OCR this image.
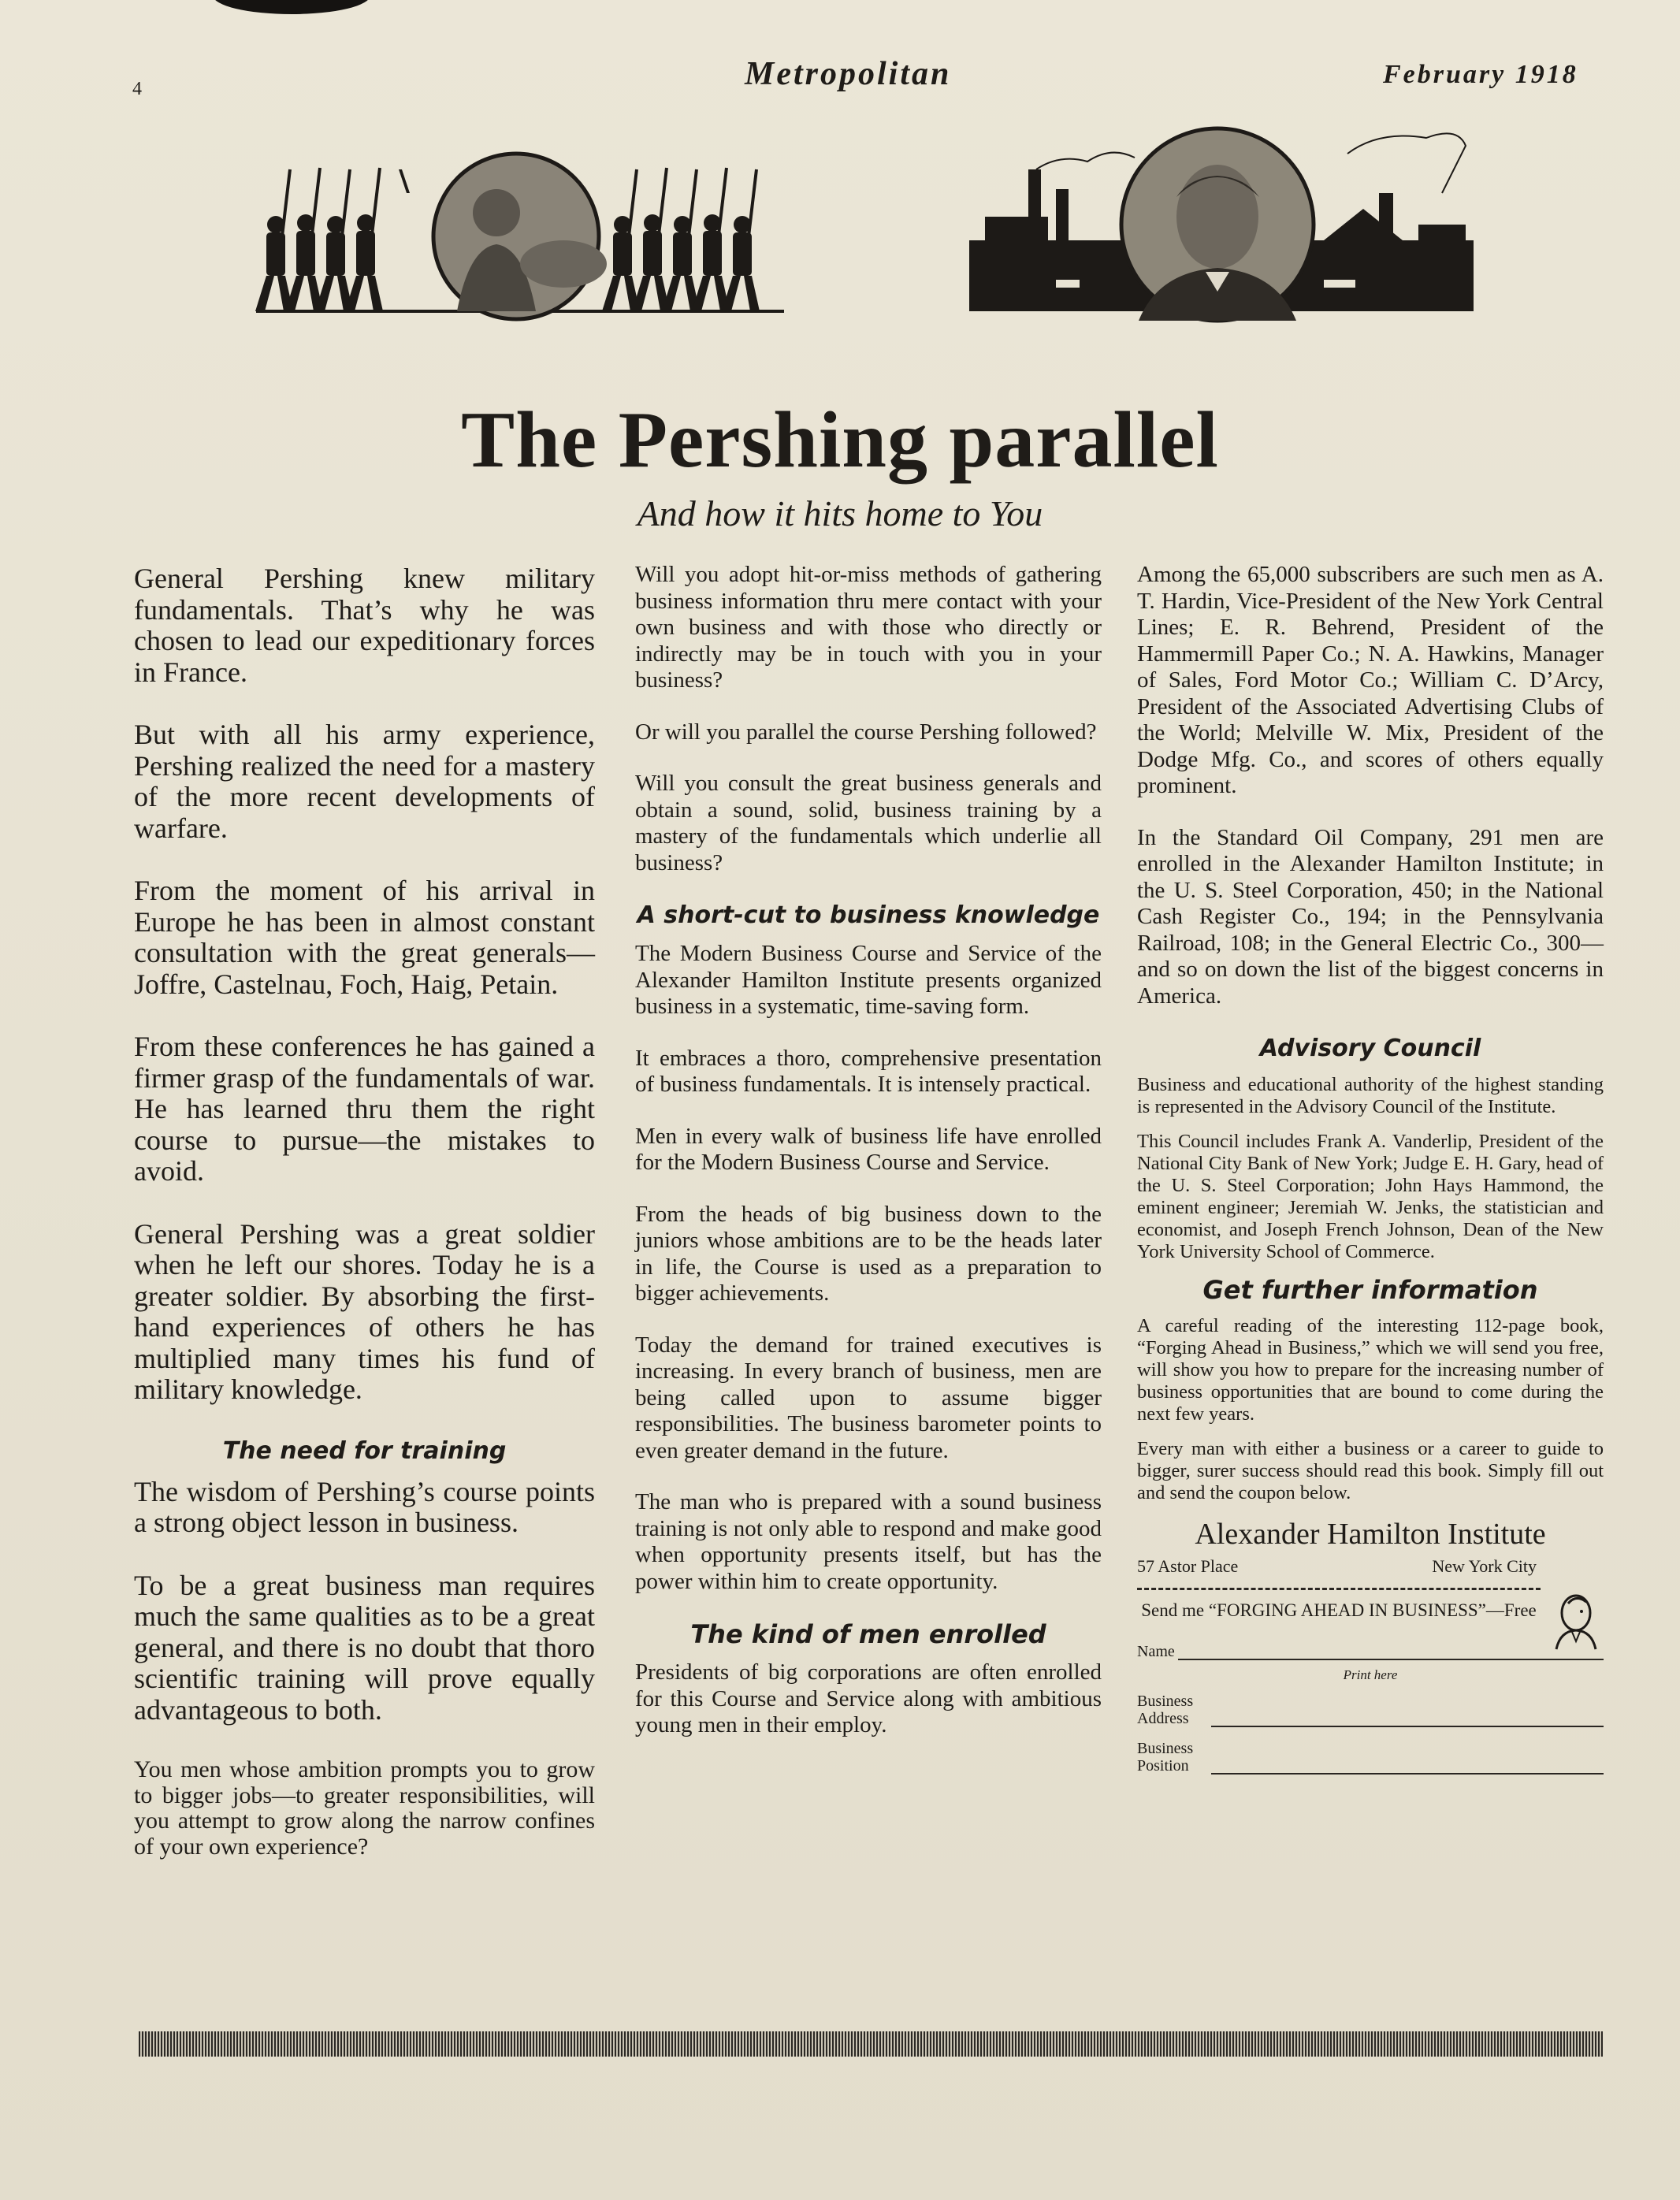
4	Metropolitan	February 1918
The Pershing parallel
And how it hits home to You

General Pershing knew military fundamentals. That’s why he was chosen to lead our expeditionary forces in France.

But with all his army experience, Pershing realized the need for a mastery of the more recent developments of warfare.

From the moment of his arrival in Europe he has been in almost constant consultation with the great generals—Joffre, Castelnau, Foch, Haig, Petain.

From these conferences he has gained a firmer grasp of the fundamentals of war. He has learned thru them the right course to pursue—the mistakes to avoid.

General Pershing was a great soldier when he left our shores. Today he is a greater soldier. By absorbing the first-hand experiences of others he has multiplied many times his fund of military knowledge.

The need for training

The wisdom of Pershing’s course points a strong object lesson in business.

To be a great business man requires much the same qualities as to be a great general, and there is no doubt that thoro scientific training will prove equally advantageous to both.

You men whose ambition prompts you to grow to bigger jobs—to greater responsibilities, will you attempt to grow along the narrow confines of your own experience?

Will you adopt hit-or-miss methods of gathering business information thru mere contact with your own business and with those who directly or indirectly may be in touch with you in your business?

Or will you parallel the course Pershing followed?

Will you consult the great business generals and obtain a sound, solid, business training by a mastery of the fundamentals which underlie all business?

A short-cut to business knowledge

The Modern Business Course and Service of the Alexander Hamilton Institute presents organized business in a systematic, time-saving form.

It embraces a thoro, comprehensive presentation of business fundamentals. It is intensely practical.

Men in every walk of business life have enrolled for the Modern Business Course and Service.

From the heads of big business down to the juniors whose ambitions are to be the heads later in life, the Course is used as a preparation to bigger achievements.

Today the demand for trained executives is increasing. In every branch of business, men are being called upon to assume bigger responsibilities. The business barometer points to even greater demand in the future.

The man who is prepared with a sound business training is not only able to respond and make good when opportunity presents itself, but has the power within him to create opportunity.

The kind of men enrolled

Presidents of big corporations are often enrolled for this Course and Service along with ambitious young men in their employ.

Among the 65,000 subscribers are such men as A. T. Hardin, Vice-President of the New York Central Lines; E. R. Behrend, President of the Hammermill Paper Co.; N. A. Hawkins, Manager of Sales, Ford Motor Co.; William C. D’Arcy, President of the Associated Advertising Clubs of the World; Melville W. Mix, President of the Dodge Mfg. Co., and scores of others equally prominent.

In the Standard Oil Company, 291 men are enrolled in the Alexander Hamilton Institute; in the U. S. Steel Corporation, 450; in the National Cash Register Co., 194; in the Pennsylvania Railroad, 108; in the General Electric Co., 300—and so on down the list of the biggest concerns in America.

Advisory Council

Business and educational authority of the highest standing is represented in the Advisory Council of the Institute.

This Council includes Frank A. Vanderlip, President of the National City Bank of New York; Judge E. H. Gary, head of the U. S. Steel Corporation; John Hays Hammond, the eminent engineer; Jeremiah W. Jenks, the statistician and economist, and Joseph French Johnson, Dean of the New York University School of Commerce.

Get further information

A careful reading of the interesting 112-page book, “Forging Ahead in Business,” which we will send you free, will show you how to prepare for the increasing number of business opportunities that are bound to come during the next few years.

Every man with either a business or a career to guide to bigger, surer success should read this book. Simply fill out and send the coupon below.

Alexander Hamilton Institute
57 Astor Place	New York City
Send me “FORGING AHEAD IN BUSINESS”—Free
Name
Print here
Business
Address
Business
Position
